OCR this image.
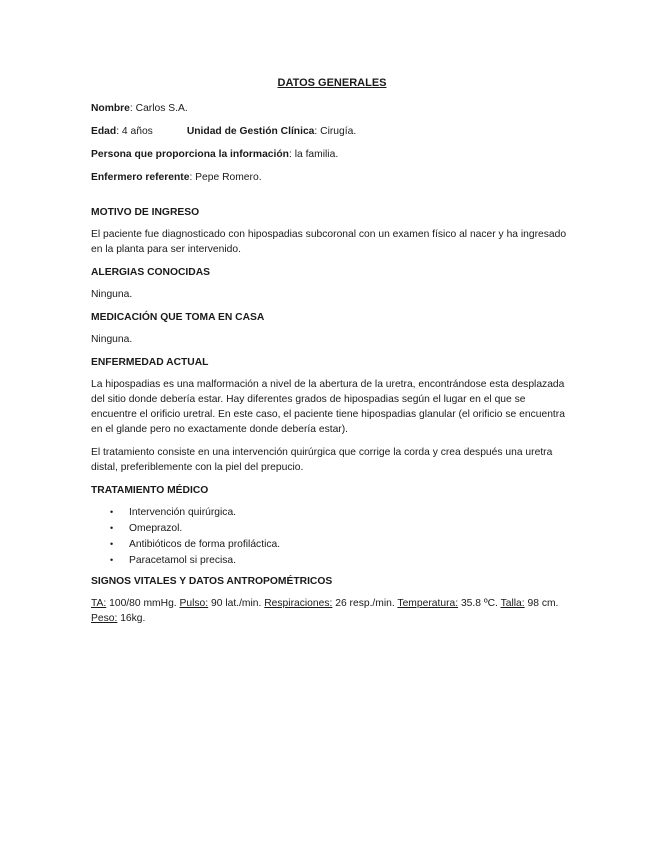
DATOS GENERALES
Nombre: Carlos S.A.
Edad: 4 años	Unidad de Gestión Clínica: Cirugía.
Persona que proporciona la información: la familia.
Enfermero referente: Pepe Romero.
MOTIVO DE INGRESO
El paciente fue diagnosticado con hipospadias subcoronal con un examen físico al nacer y ha ingresado en la planta para ser intervenido.
ALERGIAS CONOCIDAS
Ninguna.
MEDICACIÓN QUE TOMA EN CASA
Ninguna.
ENFERMEDAD ACTUAL
La hipospadias es una malformación a nivel de la abertura de la uretra, encontrándose esta desplazada del sitio donde debería estar. Hay diferentes grados de hipospadias según el lugar en el que se encuentre el orificio uretral. En este caso, el paciente tiene hipospadias glanular (el orificio se encuentra en el glande pero no exactamente donde debería estar).
El tratamiento consiste en una intervención quirúrgica que corrige la corda y crea después una uretra distal, preferiblemente con la piel del prepucio.
TRATAMIENTO MÉDICO
• Intervención quirúrgica.
• Omeprazol.
• Antibióticos de forma profiláctica.
• Paracetamol si precisa.
SIGNOS VITALES Y DATOS ANTROPOMÉTRICOS
TA: 100/80 mmHg. Pulso: 90 lat./min. Respiraciones: 26 resp./min. Temperatura: 35.8 ºC. Talla: 98 cm. Peso: 16kg.
